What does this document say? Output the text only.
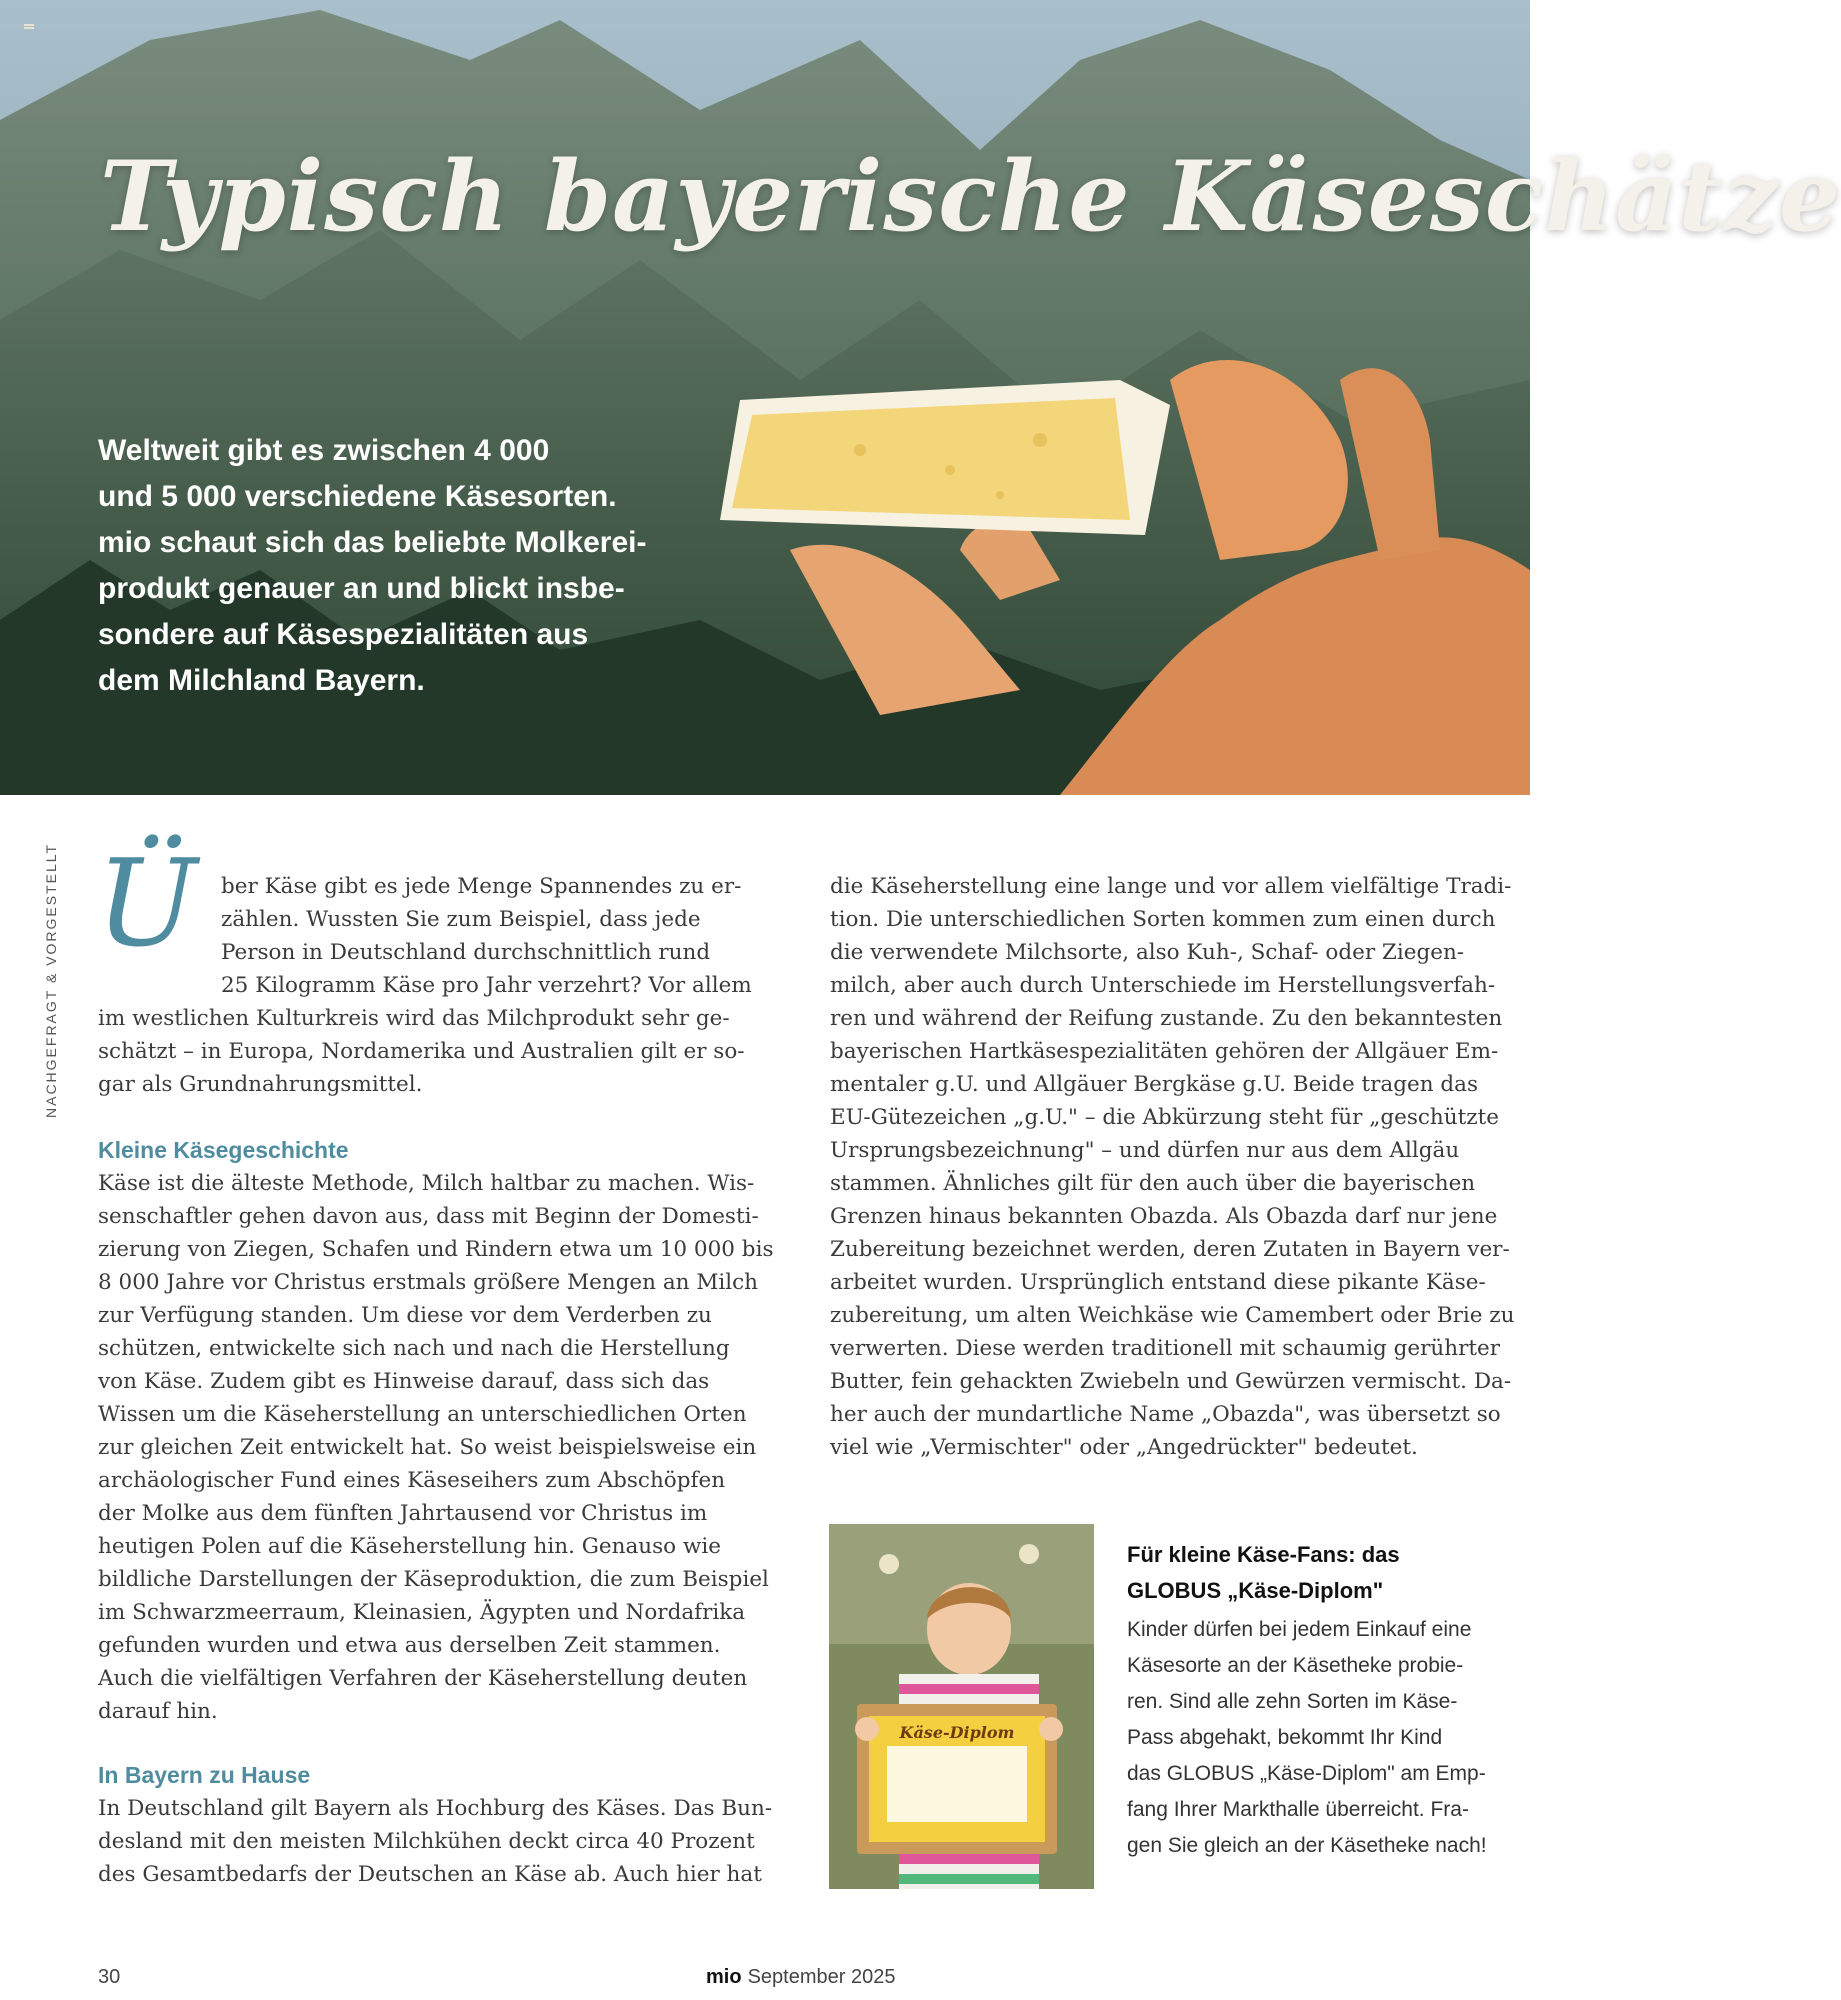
Typisch bayerische Käseschätze
Weltweit gibt es zwischen 4 000
und 5 000 verschiedene Käsesorten.
mio schaut sich das beliebte Molkerei-
produkt genauer an und blickt insbe-
sondere auf Käsespezialitäten aus
dem Milchland Bayern.
NACHGEFRAGT & VORGESTELLT Ü	ber Käse gibt es jede Menge Spannendes zu er-
zählen. Wussten Sie zum Beispiel, dass jede
Person in Deutschland durchschnittlich rund
25 Kilogramm Käse pro Jahr verzehrt? Vor allem
im westlichen Kulturkreis wird das Milchprodukt sehr ge-
schätzt – in Europa, Nordamerika und Australien gilt er so-
gar als Grundnahrungsmittel.
Kleine Käsegeschichte
Käse ist die älteste Methode, Milch haltbar zu machen. Wis-
senschaftler gehen davon aus, dass mit Beginn der Domesti-
zierung von Ziegen, Schafen und Rindern etwa um 10 000 bis
8 000 Jahre vor Christus erstmals größere Mengen an Milch
zur Verfügung standen. Um diese vor dem Verderben zu
schützen, entwickelte sich nach und nach die Herstellung
von Käse. Zudem gibt es Hinweise darauf, dass sich das
Wissen um die Käseherstellung an unterschiedlichen Orten
zur gleichen Zeit entwickelt hat. So weist beispielsweise ein
archäologischer Fund eines Käseseihers zum Abschöpfen
der Molke aus dem fünften Jahrtausend vor Christus im
heutigen Polen auf die Käseherstellung hin. Genauso wie
bildliche Darstellungen der Käseproduktion, die zum Beispiel
im Schwarzmeerraum, Kleinasien, Ägypten und Nordafrika
gefunden wurden und etwa aus derselben Zeit stammen.
Auch die vielfältigen Verfahren der Käseherstellung deuten
darauf hin.
In Bayern zu Hause
In Deutschland gilt Bayern als Hochburg des Käses. Das Bun-
desland mit den meisten Milchkühen deckt circa 40 Prozent
des Gesamtbedarfs der Deutschen an Käse ab. Auch hier hat
die Käseherstellung eine lange und vor allem vielfältige Tradi-
tion. Die unterschiedlichen Sorten kommen zum einen durch
die verwendete Milchsorte, also Kuh-, Schaf- oder Ziegen-
milch, aber auch durch Unterschiede im Herstellungsverfah-
ren und während der Reifung zustande. Zu den bekanntesten
bayerischen Hartkäsespezialitäten gehören der Allgäuer Em-
mentaler g.U. und Allgäuer Bergkäse g.U. Beide tragen das
EU-Gütezeichen „g.U." – die Abkürzung steht für „geschützte
Ursprungsbezeichnung" – und dürfen nur aus dem Allgäu
stammen. Ähnliches gilt für den auch über die bayerischen
Grenzen hinaus bekannten Obazda. Als Obazda darf nur jene
Zubereitung bezeichnet werden, deren Zutaten in Bayern ver-
arbeitet wurden. Ursprünglich entstand diese pikante Käse-
zubereitung, um alten Weichkäse wie Camembert oder Brie zu
verwerten. Diese werden traditionell mit schaumig gerührter
Butter, fein gehackten Zwiebeln und Gewürzen vermischt. Da-
her auch der mundartliche Name „Obazda", was übersetzt so
viel wie „Vermischter" oder „Angedrückter" bedeutet.
Käse-Diplom
Für kleine Käse-Fans: das
GLOBUS „Käse-Diplom"
Kinder dürfen bei jedem Einkauf eine
Käsesorte an der Käsetheke probie-
ren. Sind alle zehn Sorten im Käse-
Pass abgehakt, bekommt Ihr Kind
das GLOBUS „Käse-Diplom" am Emp-
fang Ihrer Markthalle überreicht. Fra-
gen Sie gleich an der Käsetheke nach!
30	mio September 2025
